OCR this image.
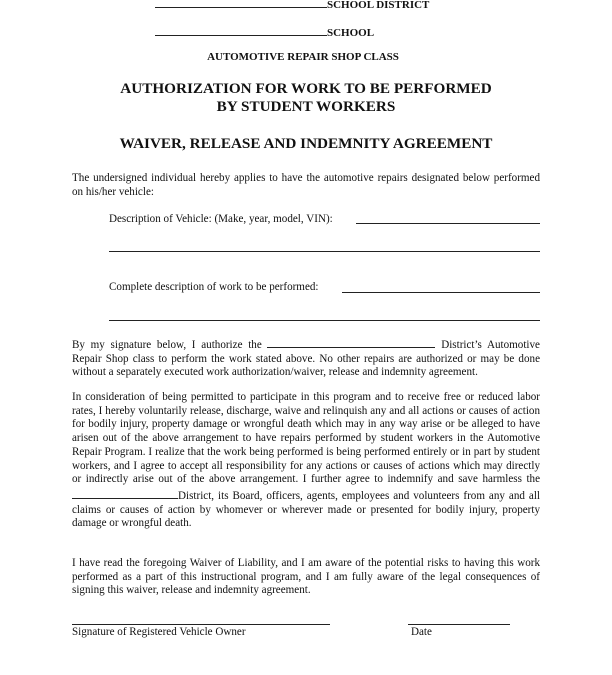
SCHOOL DISTRICT
SCHOOL
AUTOMOTIVE REPAIR SHOP CLASS
AUTHORIZATION FOR WORK TO BE PERFORMED
BY STUDENT WORKERS
WAIVER, RELEASE AND INDEMNITY AGREEMENT
The undersigned individual hereby applies to have the automotive repairs designated below performed on his/her vehicle:
Description of Vehicle: (Make, year, model, VIN):
Complete description of work to be performed:
By my signature below, I authorize the	District’s Automotive Repair Shop class to perform the work stated above. No other repairs are authorized or may be done without a separately executed work authorization/waiver, release and indemnity agreement.
In consideration of being permitted to participate in this program and to receive free or reduced labor rates, I hereby voluntarily release, discharge, waive and relinquish any and all actions or causes of action for bodily injury, property damage or wrongful death which may in any way arise or be alleged to have arisen out of the above arrangement to have repairs performed by student workers in the Automotive Repair Program. I realize that the work being performed is being performed entirely or in part by student workers, and I agree to accept all responsibility for any actions or causes of actions which may directly or indirectly arise out of the above arrangement. I further agree to indemnify and save harmless the District, its Board, officers, agents, employees and volunteers from any and all claims or causes of action by whomever or wherever made or presented for bodily injury, property damage or wrongful death.
I have read the foregoing Waiver of Liability, and I am aware of the potential risks to having this work performed as a part of this instructional program, and I am fully aware of the legal consequences of signing this waiver, release and indemnity agreement.
Signature of Registered Vehicle Owner	Date
